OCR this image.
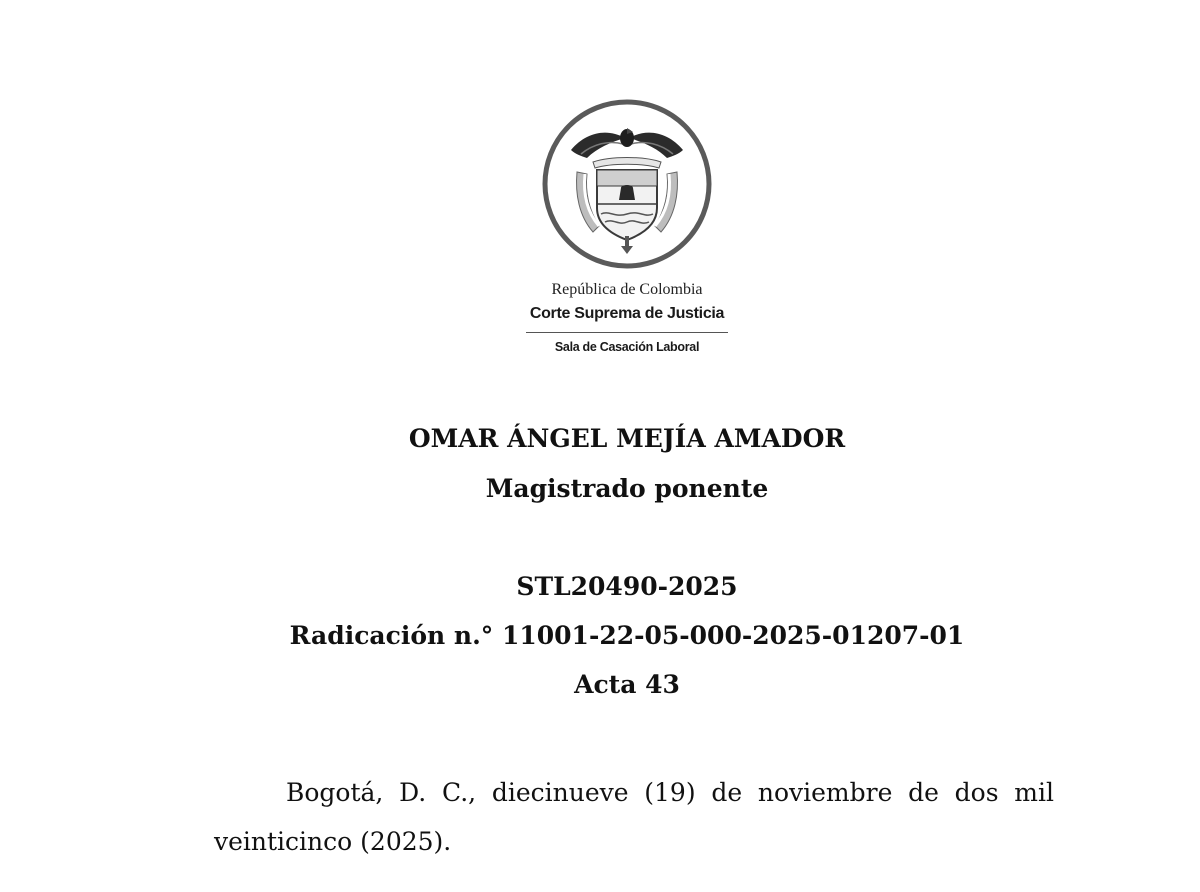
República de Colombia
Corte Suprema de Justicia
Sala de Casación Laboral
OMAR ÁNGEL MEJÍA AMADOR
Magistrado ponente
STL20490-2025
Radicación n.° 11001-22-05-000-2025-01207-01
Acta 43

Bogotá, D. C., diecinueve (19) de noviembre de dos mil veinticinco (2025).
